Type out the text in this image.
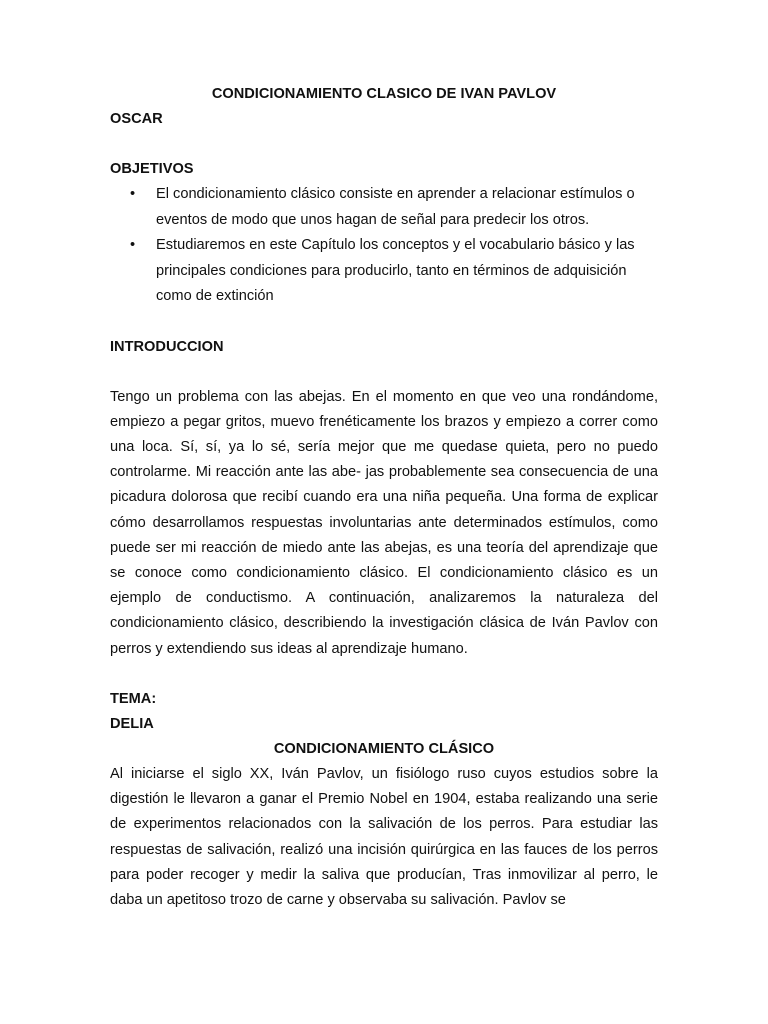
CONDICIONAMIENTO CLASICO DE IVAN PAVLOV

OSCAR

OBJETIVOS

• El condicionamiento clásico consiste en aprender a relacionar estímulos o eventos de modo que unos hagan de señal para predecir los otros.
• Estudiaremos en este Capítulo los conceptos y el vocabulario básico y las principales condiciones para producirlo, tanto en términos de adquisición como de extinción

INTRODUCCION

Tengo un problema con las abejas. En el momento en que veo una rondándome, empiezo a pegar gritos, muevo frenéticamente los brazos y empiezo a correr como una loca. Sí, sí, ya lo sé, sería mejor que me quedase quieta, pero no puedo controlarme. Mi reacción ante las abe- jas probablemente sea consecuencia de una picadura dolorosa que recibí cuando era una niña pequeña. Una forma de explicar cómo desarrollamos respuestas involuntarias ante determinados estímulos, como puede ser mi reacción de miedo ante las abejas, es una teoría del aprendizaje que se conoce como condicionamiento clásico. El condicionamiento clásico es un ejemplo de conductismo. A continuación, analizaremos la naturaleza del condicionamiento clásico, describiendo la investigación clásica de Iván Pavlov con perros y extendiendo sus ideas al aprendizaje humano.

TEMA:

DELIA

CONDICIONAMIENTO CLÁSICO

Al iniciarse el siglo XX, Iván Pavlov, un fisiólogo ruso cuyos estudios sobre la digestión le llevaron a ganar el Premio Nobel en 1904, estaba realizando una serie de experimentos relacionados con la salivación de los perros. Para estudiar las respuestas de salivación, realizó una incisión quirúrgica en las fauces de los perros para poder recoger y medir la saliva que producían, Tras inmovilizar al perro, le daba un apetitoso trozo de carne y observaba su salivación. Pavlov se
